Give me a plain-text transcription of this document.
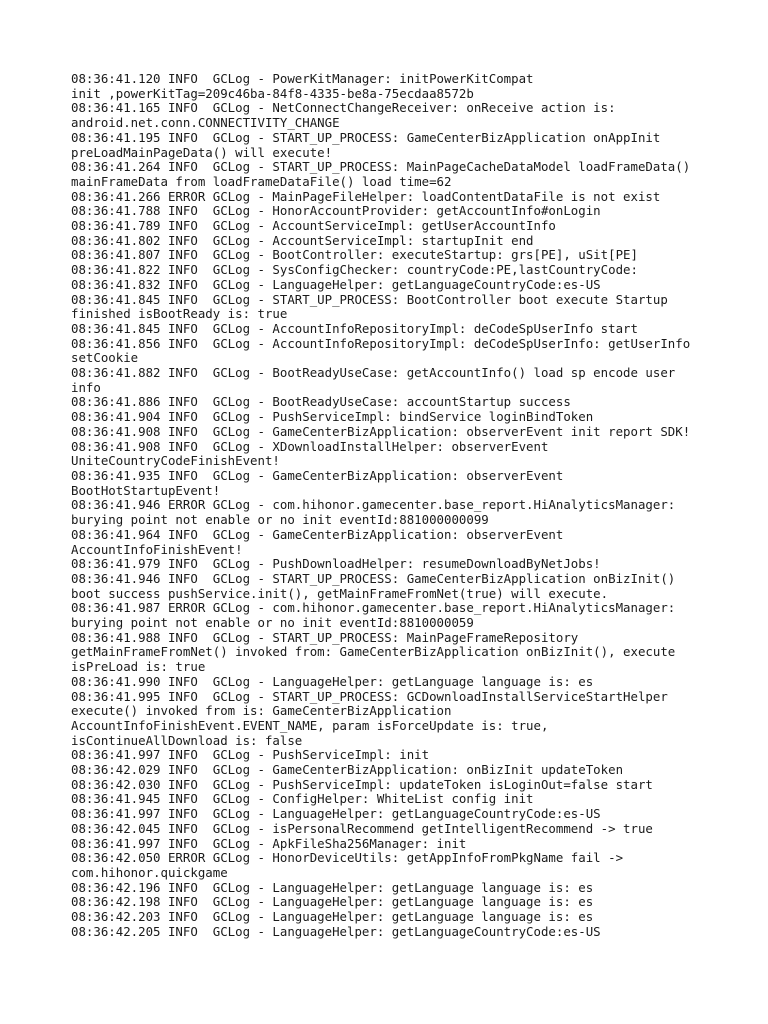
08:36:41.120 INFO  GCLog - PowerKitManager: initPowerKitCompat
init ,powerKitTag=209c46ba-84f8-4335-be8a-75ecdaa8572b
08:36:41.165 INFO  GCLog - NetConnectChangeReceiver: onReceive action is:
android.net.conn.CONNECTIVITY_CHANGE
08:36:41.195 INFO  GCLog - START_UP_PROCESS: GameCenterBizApplication onAppInit
preLoadMainPageData() will execute!
08:36:41.264 INFO  GCLog - START_UP_PROCESS: MainPageCacheDataModel loadFrameData()
mainFrameData from loadFrameDataFile() load time=62
08:36:41.266 ERROR GCLog - MainPageFileHelper: loadContentDataFile is not exist
08:36:41.788 INFO  GCLog - HonorAccountProvider: getAccountInfo#onLogin
08:36:41.789 INFO  GCLog - AccountServiceImpl: getUserAccountInfo
08:36:41.802 INFO  GCLog - AccountServiceImpl: startupInit end
08:36:41.807 INFO  GCLog - BootController: executeStartup: grs[PE], uSit[PE]
08:36:41.822 INFO  GCLog - SysConfigChecker: countryCode:PE,lastCountryCode:
08:36:41.832 INFO  GCLog - LanguageHelper: getLanguageCountryCode:es-US
08:36:41.845 INFO  GCLog - START_UP_PROCESS: BootController boot execute Startup
finished isBootReady is: true
08:36:41.845 INFO  GCLog - AccountInfoRepositoryImpl: deCodeSpUserInfo start
08:36:41.856 INFO  GCLog - AccountInfoRepositoryImpl: deCodeSpUserInfo: getUserInfo
setCookie
08:36:41.882 INFO  GCLog - BootReadyUseCase: getAccountInfo() load sp encode user
info
08:36:41.886 INFO  GCLog - BootReadyUseCase: accountStartup success
08:36:41.904 INFO  GCLog - PushServiceImpl: bindService loginBindToken
08:36:41.908 INFO  GCLog - GameCenterBizApplication: observerEvent init report SDK!
08:36:41.908 INFO  GCLog - XDownloadInstallHelper: observerEvent
UniteCountryCodeFinishEvent!
08:36:41.935 INFO  GCLog - GameCenterBizApplication: observerEvent
BootHotStartupEvent!
08:36:41.946 ERROR GCLog - com.hihonor.gamecenter.base_report.HiAnalyticsManager:
burying point not enable or no init eventId:881000000099
08:36:41.964 INFO  GCLog - GameCenterBizApplication: observerEvent
AccountInfoFinishEvent!
08:36:41.979 INFO  GCLog - PushDownloadHelper: resumeDownloadByNetJobs!
08:36:41.946 INFO  GCLog - START_UP_PROCESS: GameCenterBizApplication onBizInit()
boot success pushService.init(), getMainFrameFromNet(true) will execute.
08:36:41.987 ERROR GCLog - com.hihonor.gamecenter.base_report.HiAnalyticsManager:
burying point not enable or no init eventId:8810000059
08:36:41.988 INFO  GCLog - START_UP_PROCESS: MainPageFrameRepository
getMainFrameFromNet() invoked from: GameCenterBizApplication onBizInit(), execute
isPreLoad is: true
08:36:41.990 INFO  GCLog - LanguageHelper: getLanguage language is: es
08:36:41.995 INFO  GCLog - START_UP_PROCESS: GCDownloadInstallServiceStartHelper
execute() invoked from is: GameCenterBizApplication
AccountInfoFinishEvent.EVENT_NAME, param isForceUpdate is: true,
isContinueAllDownload is: false
08:36:41.997 INFO  GCLog - PushServiceImpl: init
08:36:42.029 INFO  GCLog - GameCenterBizApplication: onBizInit updateToken
08:36:42.030 INFO  GCLog - PushServiceImpl: updateToken isLoginOut=false start
08:36:41.945 INFO  GCLog - ConfigHelper: WhiteList config init
08:36:41.997 INFO  GCLog - LanguageHelper: getLanguageCountryCode:es-US
08:36:42.045 INFO  GCLog - isPersonalRecommend getIntelligentRecommend -> true
08:36:41.997 INFO  GCLog - ApkFileSha256Manager: init
08:36:42.050 ERROR GCLog - HonorDeviceUtils: getAppInfoFromPkgName fail ->
com.hihonor.quickgame
08:36:42.196 INFO  GCLog - LanguageHelper: getLanguage language is: es
08:36:42.198 INFO  GCLog - LanguageHelper: getLanguage language is: es
08:36:42.203 INFO  GCLog - LanguageHelper: getLanguage language is: es
08:36:42.205 INFO  GCLog - LanguageHelper: getLanguageCountryCode:es-US
